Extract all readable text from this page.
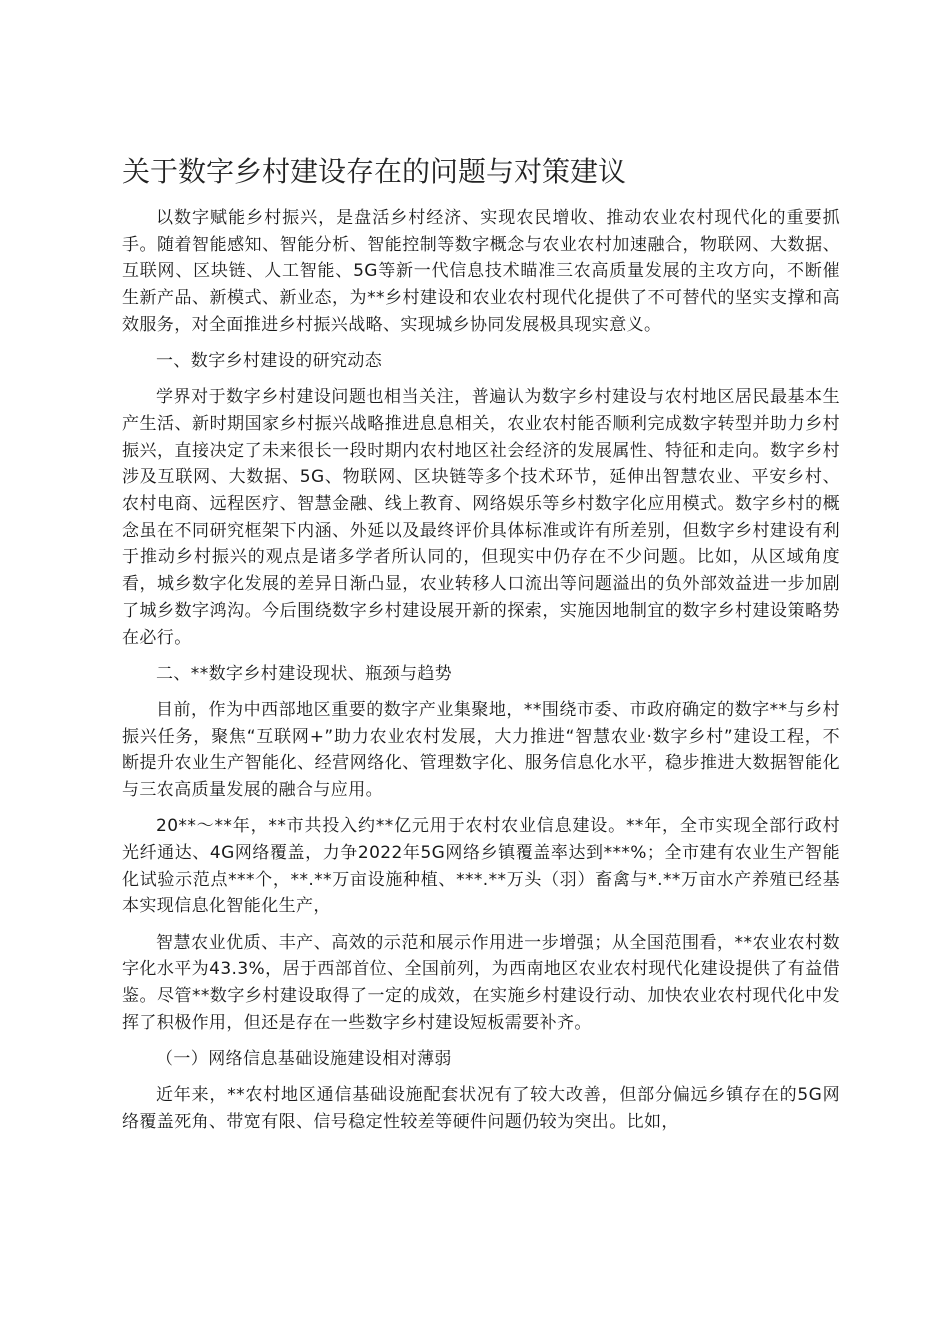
关于数字乡村建设存在的问题与对策建议

以数字赋能乡村振兴，是盘活乡村经济、实现农民增收、推动农业农村现代化的重要抓手。随着智能感知、智能分析、智能控制等数字概念与农业农村加速融合，物联网、大数据、互联网、区块链、人工智能、5G等新一代信息技术瞄准三农高质量发展的主攻方向，不断催生新产品、新模式、新业态，为**乡村建设和农业农村现代化提供了不可替代的坚实支撑和高效服务，对全面推进乡村振兴战略、实现城乡协同发展极具现实意义。

一、数字乡村建设的研究动态

学界对于数字乡村建设问题也相当关注，普遍认为数字乡村建设与农村地区居民最基本生产生活、新时期国家乡村振兴战略推进息息相关，农业农村能否顺利完成数字转型并助力乡村振兴，直接决定了未来很长一段时期内农村地区社会经济的发展属性、特征和走向。数字乡村涉及互联网、大数据、5G、物联网、区块链等多个技术环节，延伸出智慧农业、平安乡村、农村电商、远程医疗、智慧金融、线上教育、网络娱乐等乡村数字化应用模式。数字乡村的概念虽在不同研究框架下内涵、外延以及最终评价具体标准或许有所差别，但数字乡村建设有利于推动乡村振兴的观点是诸多学者所认同的，但现实中仍存在不少问题。比如，从区域角度看，城乡数字化发展的差异日渐凸显，农业转移人口流出等问题溢出的负外部效益进一步加剧了城乡数字鸿沟。今后围绕数字乡村建设展开新的探索，实施因地制宜的数字乡村建设策略势在必行。

二、**数字乡村建设现状、瓶颈与趋势

目前，作为中西部地区重要的数字产业集聚地，**围绕市委、市政府确定的数字**与乡村振兴任务，聚焦“互联网+”助力农业农村发展，大力推进“智慧农业·数字乡村”建设工程，不断提升农业生产智能化、经营网络化、管理数字化、服务信息化水平，稳步推进大数据智能化与三农高质量发展的融合与应用。

20**～**年，**市共投入约**亿元用于农村农业信息建设。**年，全市实现全部行政村光纤通达、4G网络覆盖，力争2022年5G网络乡镇覆盖率达到***%；全市建有农业生产智能化试验示范点***个，**.**万亩设施种植、***.**万头（羽）畜禽与*.**万亩水产养殖已经基本实现信息化智能化生产，

智慧农业优质、丰产、高效的示范和展示作用进一步增强；从全国范围看，**农业农村数字化水平为43.3%，居于西部首位、全国前列，为西南地区农业农村现代化建设提供了有益借鉴。尽管**数字乡村建设取得了一定的成效，在实施乡村建设行动、加快农业农村现代化中发挥了积极作用，但还是存在一些数字乡村建设短板需要补齐。

（一）网络信息基础设施建设相对薄弱

近年来，**农村地区通信基础设施配套状况有了较大改善，但部分偏远乡镇存在的5G网络覆盖死角、带宽有限、信号稳定性较差等硬件问题仍较为突出。比如，
